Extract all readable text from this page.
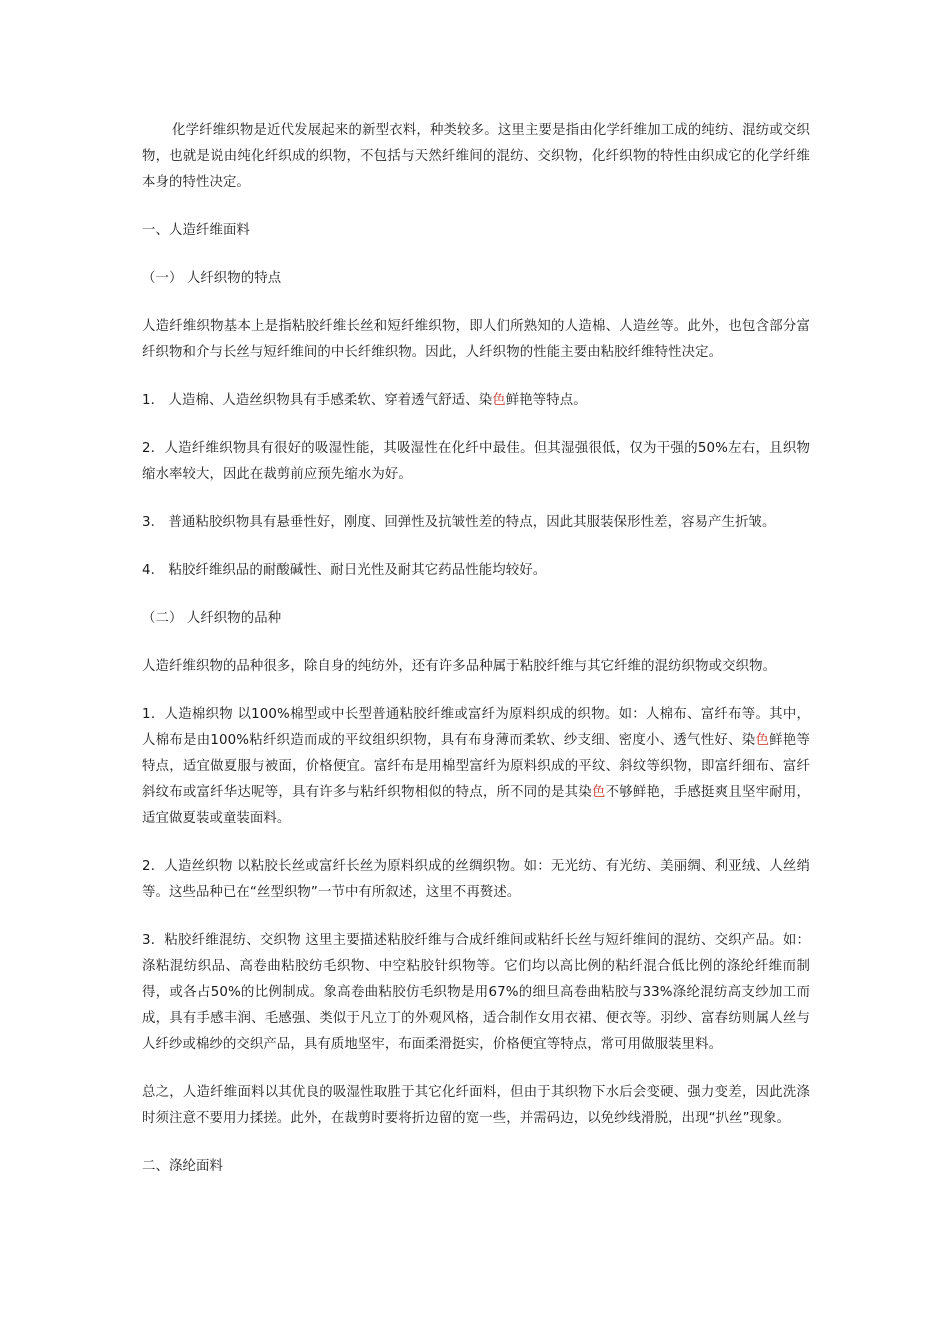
化学纤维织物是近代发展起来的新型衣料，种类较多。这里主要是指由化学纤维加工成的纯纺、混纺或交织物，也就是说由纯化纤织成的织物，不包括与天然纤维间的混纺、交织物，化纤织物的特性由织成它的化学纤维本身的特性决定。

一、人造纤维面料

（一） 人纤织物的特点

人造纤维织物基本上是指粘胶纤维长丝和短纤维织物，即人们所熟知的人造棉、人造丝等。此外，也包含部分富纤织物和介与长丝与短纤维间的中长纤维织物。因此，人纤织物的性能主要由粘胶纤维特性决定。

1． 人造棉、人造丝织物具有手感柔软、穿着透气舒适、染色鲜艳等特点。

2．人造纤维织物具有很好的吸湿性能，其吸湿性在化纤中最佳。但其湿强很低，仅为干强的50%左右，且织物缩水率较大，因此在裁剪前应预先缩水为好。

3． 普通粘胶织物具有悬垂性好，刚度、回弹性及抗皱性差的特点，因此其服装保形性差，容易产生折皱。

4． 粘胶纤维织品的耐酸碱性、耐日光性及耐其它药品性能均较好。

（二） 人纤织物的品种

人造纤维织物的品种很多，除自身的纯纺外，还有许多品种属于粘胶纤维与其它纤维的混纺织物或交织物。

1．人造棉织物 以100%棉型或中长型普通粘胶纤维或富纤为原料织成的织物。如：人棉布、富纤布等。其中，人棉布是由100%粘纤织造而成的平纹组织织物，具有布身薄而柔软、纱支细、密度小、透气性好、染色鲜艳等特点，适宜做夏服与被面，价格便宜。富纤布是用棉型富纤为原料织成的平纹、斜纹等织物，即富纤细布、富纤斜纹布或富纤华达呢等，具有许多与粘纤织物相似的特点，所不同的是其染色不够鲜艳，手感挺爽且坚牢耐用，适宜做夏装或童装面料。

2．人造丝织物 以粘胶长丝或富纤长丝为原料织成的丝绸织物。如：无光纺、有光纺、美丽绸、利亚绒、人丝绡等。这些品种已在“丝型织物”一节中有所叙述，这里不再赘述。

3．粘胶纤维混纺、交织物 这里主要描述粘胶纤维与合成纤维间或粘纤长丝与短纤维间的混纺、交织产品。如：涤粘混纺织品、高卷曲粘胶纺毛织物、中空粘胶针织物等。它们均以高比例的粘纤混合低比例的涤纶纤维而制得，或各占50%的比例制成。象高卷曲粘胶仿毛织物是用67%的细旦高卷曲粘胶与33%涤纶混纺高支纱加工而成，具有手感丰润、毛感强、类似于凡立丁的外观风格，适合制作女用衣裙、便衣等。羽纱、富春纺则属人丝与人纤纱或棉纱的交织产品，具有质地坚牢，布面柔滑挺实，价格便宜等特点，常可用做服装里料。

总之，人造纤维面料以其优良的吸湿性取胜于其它化纤面料，但由于其织物下水后会变硬、强力变差，因此洗涤时须注意不要用力揉搓。此外，在裁剪时要将折边留的宽一些，并需码边，以免纱线滑脱，出现“扒丝”现象。

二、涤纶面料
